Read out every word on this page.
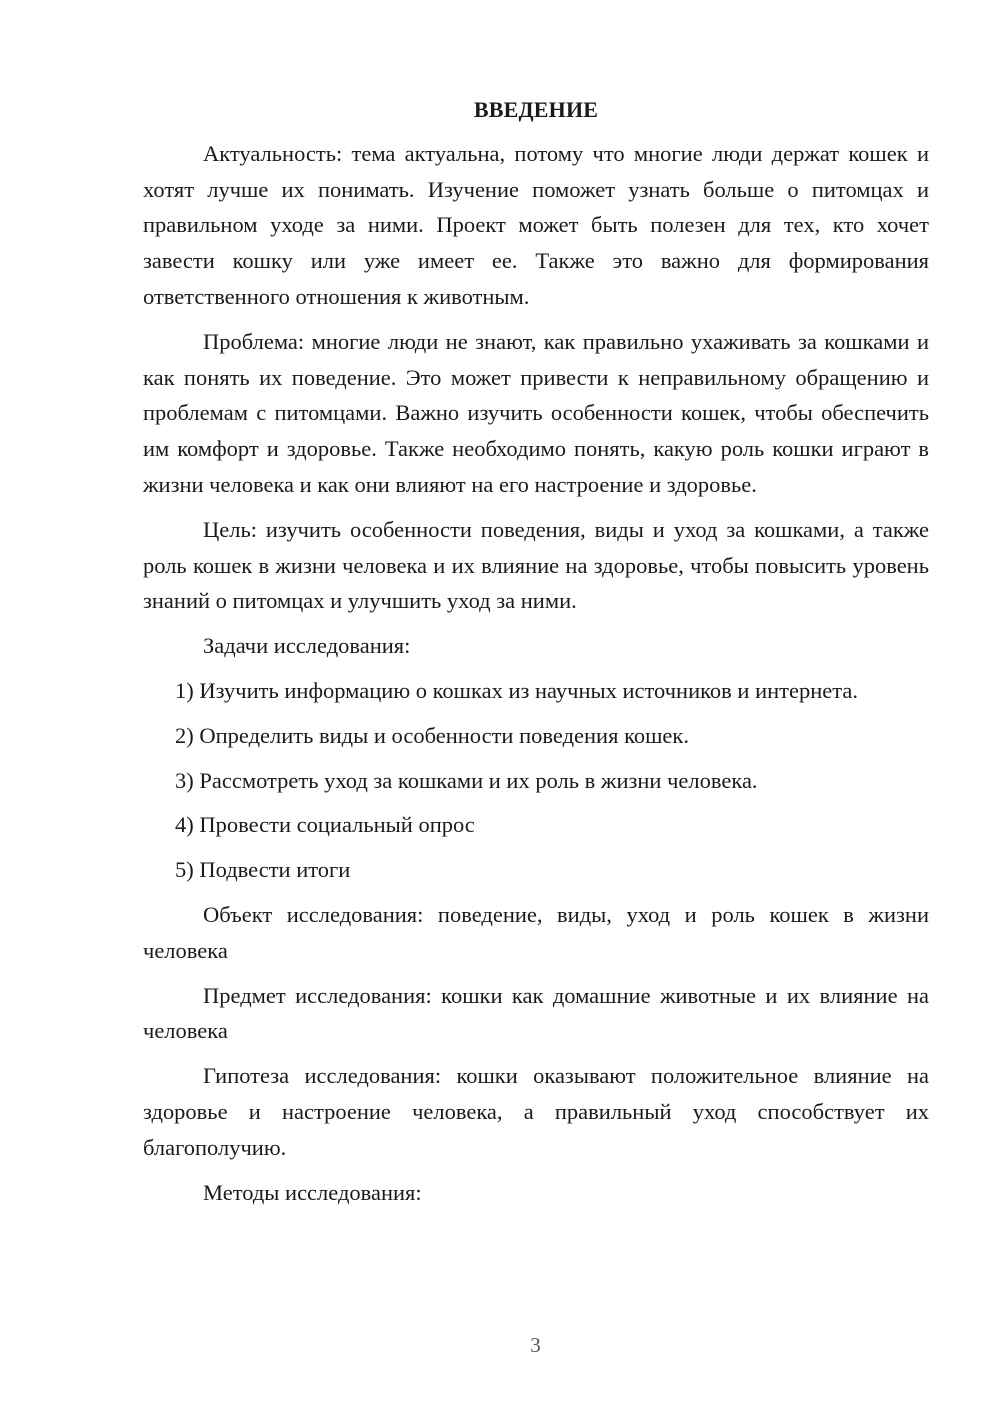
ВВЕДЕНИЕ

Актуальность: тема актуальна, потому что многие люди держат кошек и хотят лучше их понимать. Изучение поможет узнать больше о питомцах и правильном уходе за ними. Проект может быть полезен для тех, кто хочет завести кошку или уже имеет ее. Также это важно для формирования ответственного отношения к животным.

Проблема: многие люди не знают, как правильно ухаживать за кошками и как понять их поведение. Это может привести к неправильному обращению и проблемам с питомцами. Важно изучить особенности кошек, чтобы обеспечить им комфорт и здоровье. Также необходимо понять, какую роль кошки играют в жизни человека и как они влияют на его настроение и здоровье.

Цель: изучить особенности поведения, виды и уход за кошками, а также роль кошек в жизни человека и их влияние на здоровье, чтобы повысить уровень знаний о питомцах и улучшить уход за ними.

Задачи исследования:

1) Изучить информацию о кошках из научных источников и интернета.

2) Определить виды и особенности поведения кошек.

3) Рассмотреть уход за кошками и их роль в жизни человека.

4) Провести социальный опрос

5) Подвести итоги

Объект исследования: поведение, виды, уход и роль кошек в жизни человека

Предмет исследования: кошки как домашние животные и их влияние на человека

Гипотеза исследования: кошки оказывают положительное влияние на здоровье и настроение человека, а правильный уход способствует их благополучию.

Методы исследования:

3
